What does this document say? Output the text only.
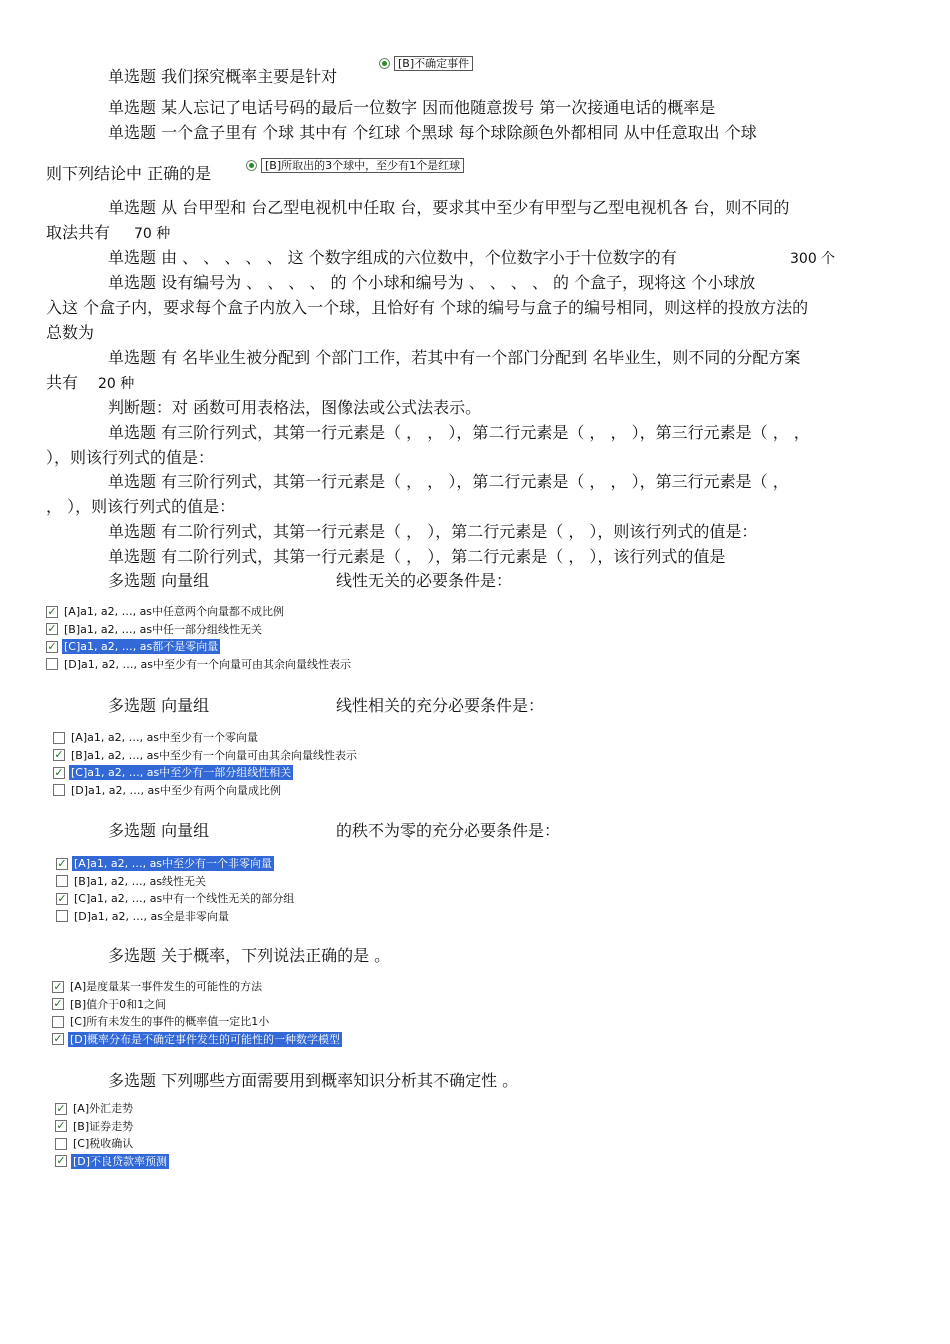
单选题 我们探究概率主要是针对
[B]不确定事件
单选题 某人忘记了电话号码的最后一位数字 因而他随意拨号 第一次接通电话的概率是
单选题 一个盒子里有 个球 其中有 个红球 个黑球 每个球除颜色外都相同 从中任意取出 个球
则下列结论中 正确的是	[B]所取出的3个球中，至少有1个是红球
单选题 从 台甲型和 台乙型电视机中任取 台，要求其中至少有甲型与乙型电视机各 台，则不同的
取法共有 70 种
单选题 由 、 、 、 、 、 这 个数字组成的六位数中，个位数字小于十位数字的有	300 个
单选题 设有编号为 、 、 、 、 的 个小球和编号为 、 、 、 、 的 个盒子，现将这 个小球放
入这 个盒子内，要求每个盒子内放入一个球，且恰好有 个球的编号与盒子的编号相同，则这样的投放方法的
总数为
单选题 有 名毕业生被分配到 个部门工作，若其中有一个部门分配到 名毕业生，则不同的分配方案
共有 20 种
判断题：对 函数可用表格法，图像法或公式法表示。
单选题 有三阶行列式，其第一行元素是（ ， ， ），第二行元素是（ ， ， ），第三行元素是（ ， ，
），则该行列式的值是：
单选题 有三阶行列式，其第一行元素是（ ， ， ），第二行元素是（ ， ， ），第三行元素是（ ，
， ），则该行列式的值是：
单选题 有二阶行列式，其第一行元素是（ ， ），第二行元素是（ ， ），则该行列式的值是：
单选题 有二阶行列式，其第一行元素是（ ， ），第二行元素是（ ， ），该行列式的值是
多选题 向量组	线性无关的必要条件是：
✓ [A]a1, a2, …, as中任意两个向量都不成比例
✓ [B]a1, a2, …, as中任一部分组线性无关
✓ [C]a1, a2, …, as都不是零向量
[D]a1, a2, …, as中至少有一个向量可由其余向量线性表示
多选题 向量组	线性相关的充分必要条件是：
[A]a1, a2, …, as中至少有一个零向量
✓ [B]a1, a2, …, as中至少有一个向量可由其余向量线性表示
✓ [C]a1, a2, …, as中至少有一部分组线性相关
[D]a1, a2, …, as中至少有两个向量成比例
多选题 向量组	的秩不为零的充分必要条件是：
✓ [A]a1, a2, …, as中至少有一个非零向量
[B]a1, a2, …, as线性无关
✓ [C]a1, a2, …, as中有一个线性无关的部分组
[D]a1, a2, …, as全是非零向量
多选题 关于概率，下列说法正确的是 。
✓ [A]是度量某一事件发生的可能性的方法
✓ [B]值介于0和1之间
[C]所有未发生的事件的概率值一定比1小
✓ [D]概率分布是不确定事件发生的可能性的一种数学模型
多选题 下列哪些方面需要用到概率知识分析其不确定性 。
✓ [A]外汇走势
✓ [B]证券走势
[C]税收确认
✓ [D]不良贷款率预测
